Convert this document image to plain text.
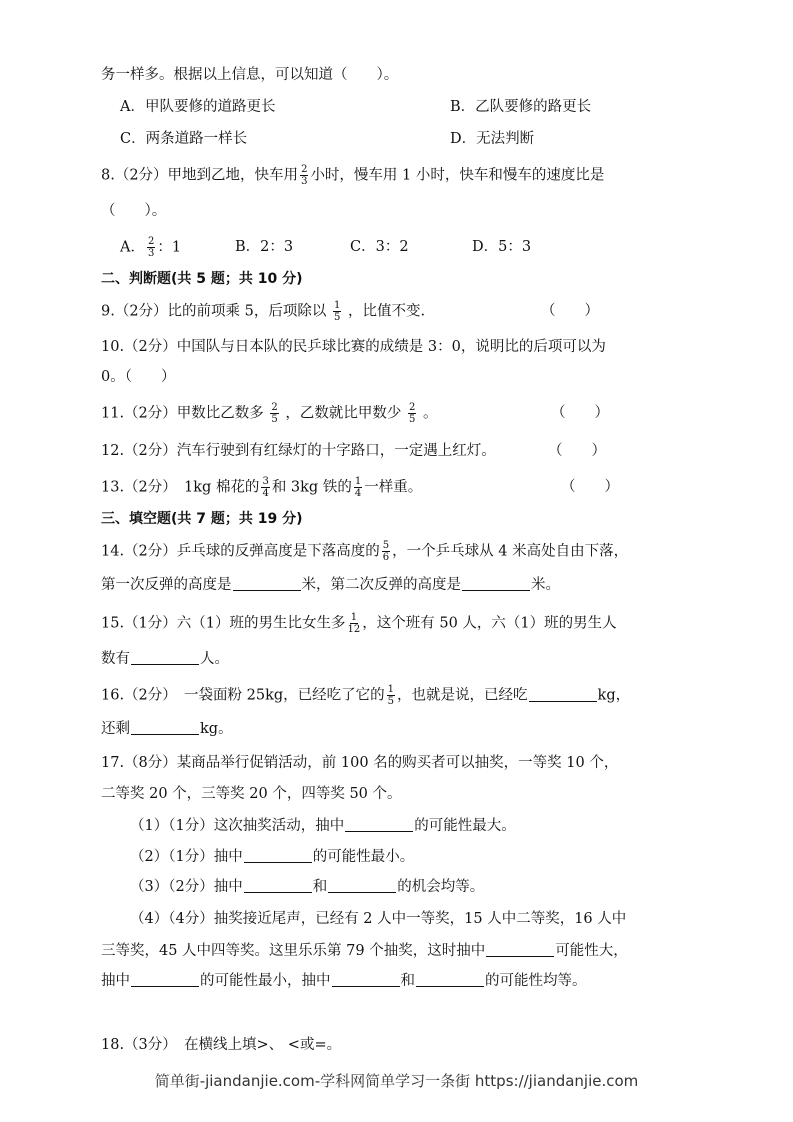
务一样多。根据以上信息，可以知道（　　）。
A．甲队要修的道路更长	B．乙队要修的路更长
C．两条道路一样长	D．无法判断
8.（2分）甲地到乙地，快车用 $\frac{2}{3}$ 小时，慢车用 1 小时，快车和慢车的速度比是
（　　）。
A． $\frac{2}{3}$ ：1	B．2：3	C．3：2	D．5：3
二、判断题(共 5 题；共 10 分)
9.（2分）比的前项乘 5，后项除以 $\frac{1}{5}$ ，比值不变.	（　　）
10.（2分）中国队与日本队的民乒球比赛的成绩是 3：0，说明比的后项可以为
0。（　　）
11.（2分）甲数比乙数多 $\frac{2}{5}$ ，乙数就比甲数少 $\frac{2}{5}$ 。	（　　）
12.（2分）汽车行驶到有红绿灯的十字路口，一定遇上红灯。	（　　）
13.（2分）　1kg 棉花的 $\frac{3}{4}$ 和 3kg 铁的 $\frac{1}{4}$ 一样重。	（　　）
三、填空题(共 7 题；共 19 分)
14.（2分）乒乓球的反弹高度是下落高度的 $\frac{5}{6}$ ，一个乒乓球从 4 米高处自由下落，
第一次反弹的高度是	米，第二次反弹的高度是	米。
15.（1分）六（1）班的男生比女生多 $\frac{1}{12}$ ，这个班有 50 人，六（1）班的男生人
数有	人。
16.（2分）　一袋面粉 25kg，已经吃了它的 $\frac{1}{5}$ ，也就是说，已经吃	kg，
还剩	kg。
17.（8分）某商品举行促销活动，前 100 名的购买者可以抽奖，一等奖 10 个，
二等奖 20 个，三等奖 20 个，四等奖 50 个。
（1）（1分）这次抽奖活动，抽中	的可能性最大。
（2）（1分）抽中	的可能性最小。
（3）（2分）抽中	和	的机会均等。
（4）（4分）抽奖接近尾声，已经有 2 人中一等奖，15 人中二等奖，16 人中
三等奖，45 人中四等奖。这里乐乐第 79 个抽奖，这时抽中	可能性大，
抽中	的可能性最小，抽中	和	的可能性均等。
18.（3分）　在横线上填>、 <或=。
简单街-jiandanjie.com-学科网简单学习一条街 https://jiandanjie.com
